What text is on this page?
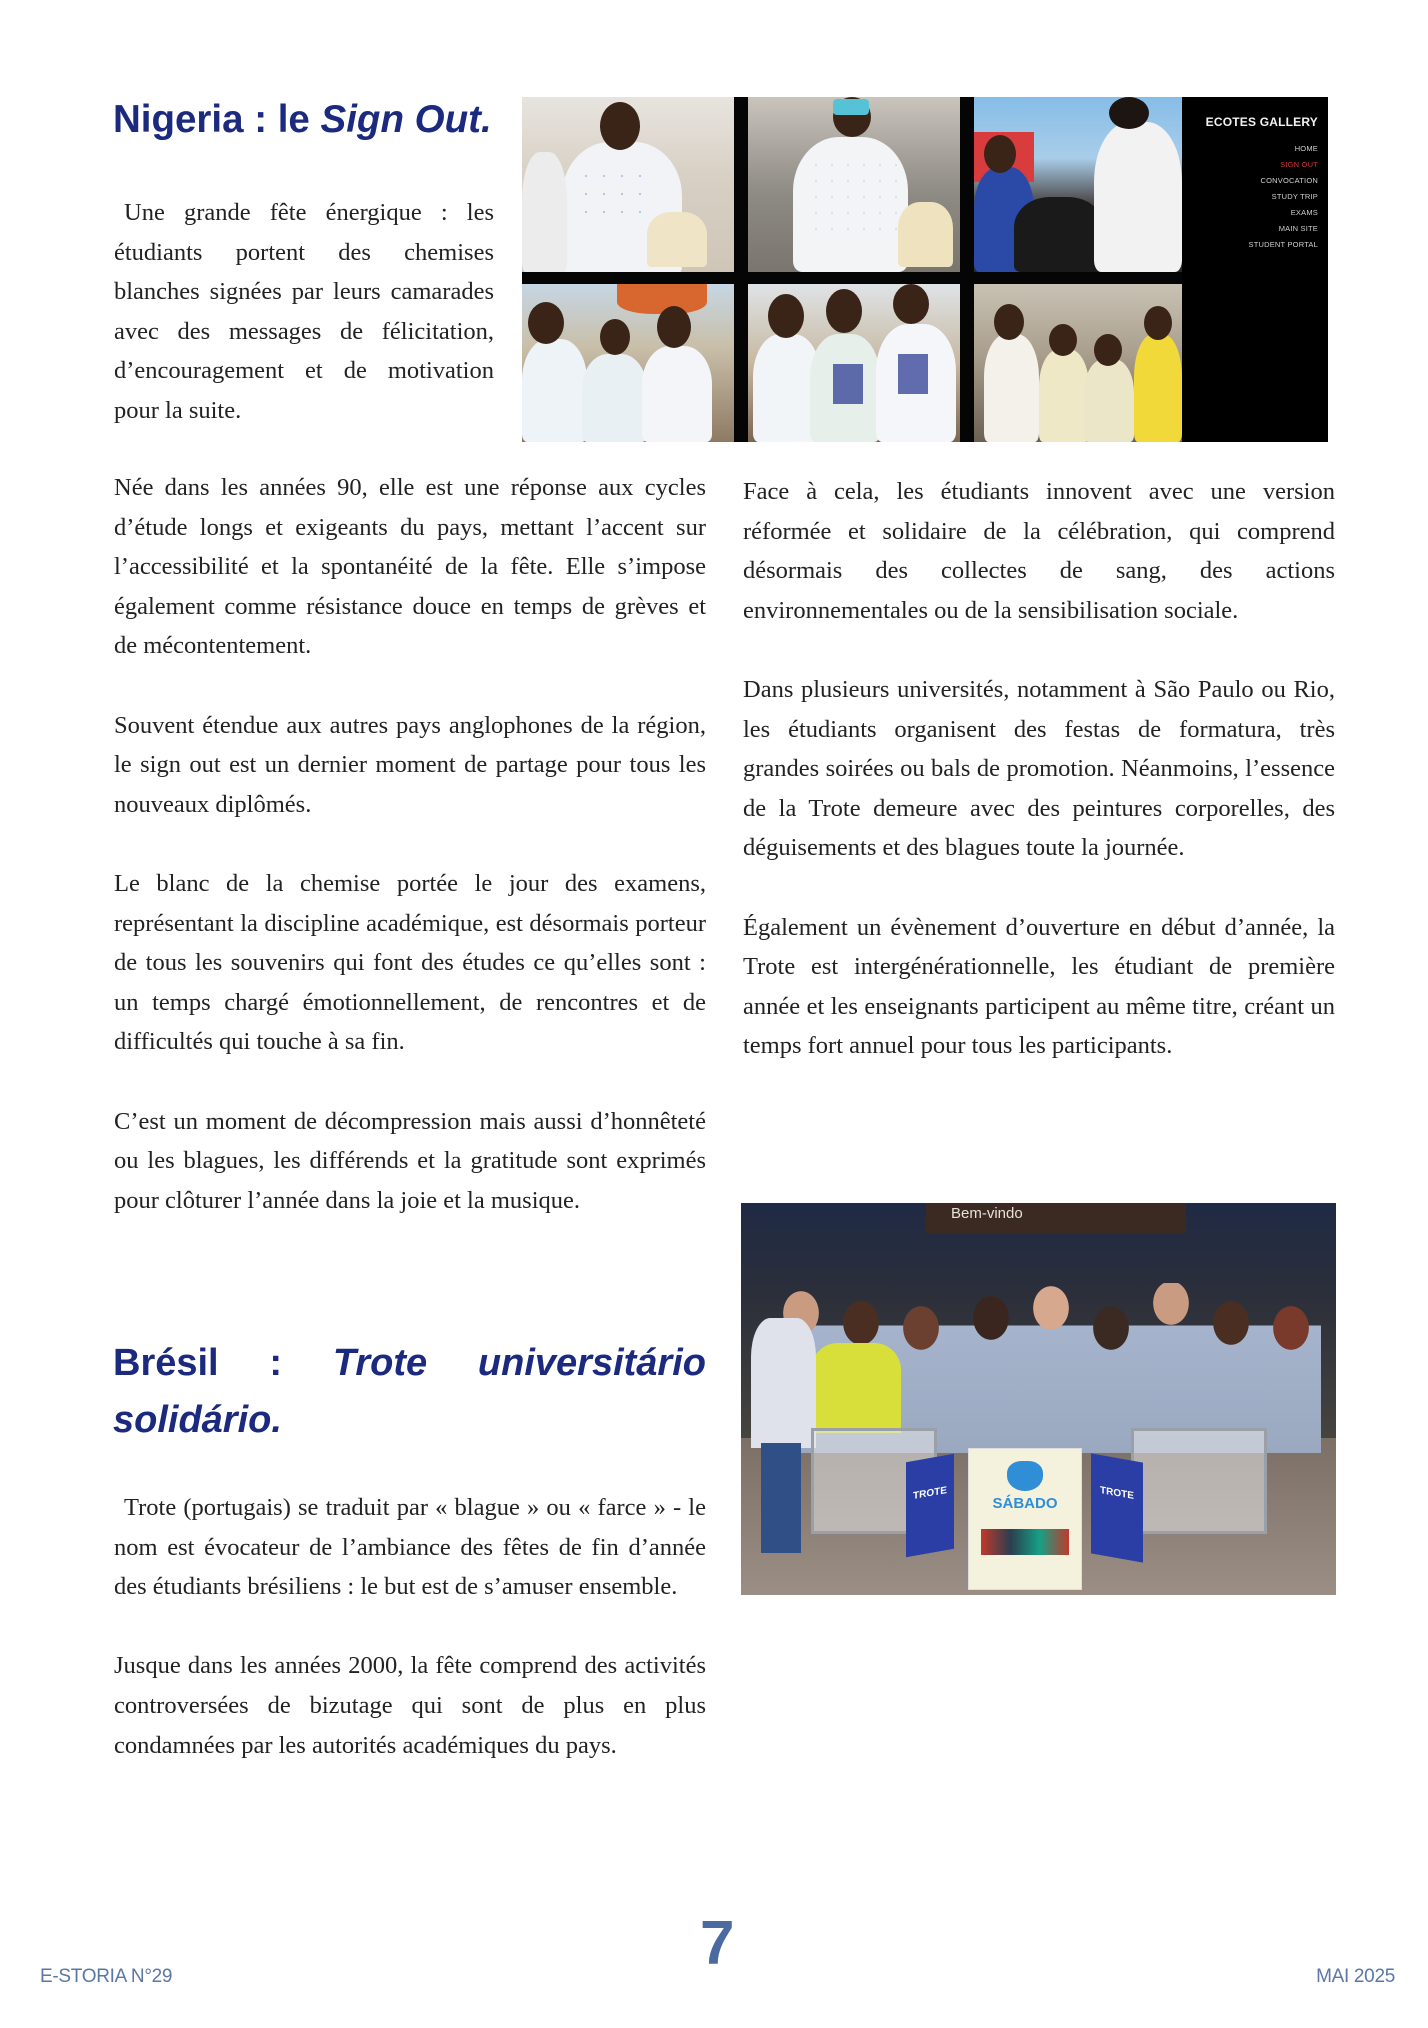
Nigeria : le Sign Out.

Une grande fête énergique : les étudiants portent des chemises blanches signées par leurs camarades avec des messages de félicitation, d’encouragement et de motivation pour la suite.

ECOTES GALLERY
HOME
SIGN OUT
CONVOCATION
STUDY TRIP
EXAMS
MAIN SITE
STUDENT PORTAL

Née dans les années 90, elle est une réponse aux cycles d’étude longs et exigeants du pays, mettant l’accent sur l’accessibilité et la spontanéité de la fête. Elle s’impose également comme résistance douce en temps de grèves et de mécontentement.

Souvent étendue aux autres pays anglophones de la région, le sign out est un dernier moment de partage pour tous les nouveaux diplômés.

Le blanc de la chemise portée le jour des examens, représentant la discipline académique, est désormais porteur de tous les souvenirs qui font des études ce qu’elles sont : un temps chargé émotionnellement, de rencontres et de difficultés qui touche à sa fin.

C’est un moment de décompression mais aussi d’honnêteté ou les blagues, les différends et la gratitude sont exprimés pour clôturer l’année dans la joie et la musique.

Brésil : Trote universitário
solidário.

Trote (portugais) se traduit par « blague » ou « farce » - le nom est évocateur de l’ambiance des fêtes de fin d’année des étudiants brésiliens : le but est de s’amuser ensemble.

Jusque dans les années 2000, la fête comprend des activités controversées de bizutage qui sont de plus en plus condamnées par les autorités académiques du pays.

Face à cela, les étudiants innovent avec une version réformée et solidaire de la célébration, qui comprend désormais des collectes de sang, des actions environnementales ou de la sensibilisation sociale.

Dans plusieurs universités, notamment à São Paulo ou Rio, les étudiants organisent des festas de formatura, très grandes soirées ou bals de promotion. Néanmoins, l’essence de la Trote demeure avec des peintures corporelles, des déguisements et des blagues toute la journée.

Également un évènement d’ouverture en début d’année, la Trote est intergénérationnelle, les étudiant de première année et les enseignants participent au même titre, créant un temps fort annuel pour tous les participants.

Bem-vindo
TROTE	TROTE
SÁBADO
E-STORIA N°29	7	MAI 2025
